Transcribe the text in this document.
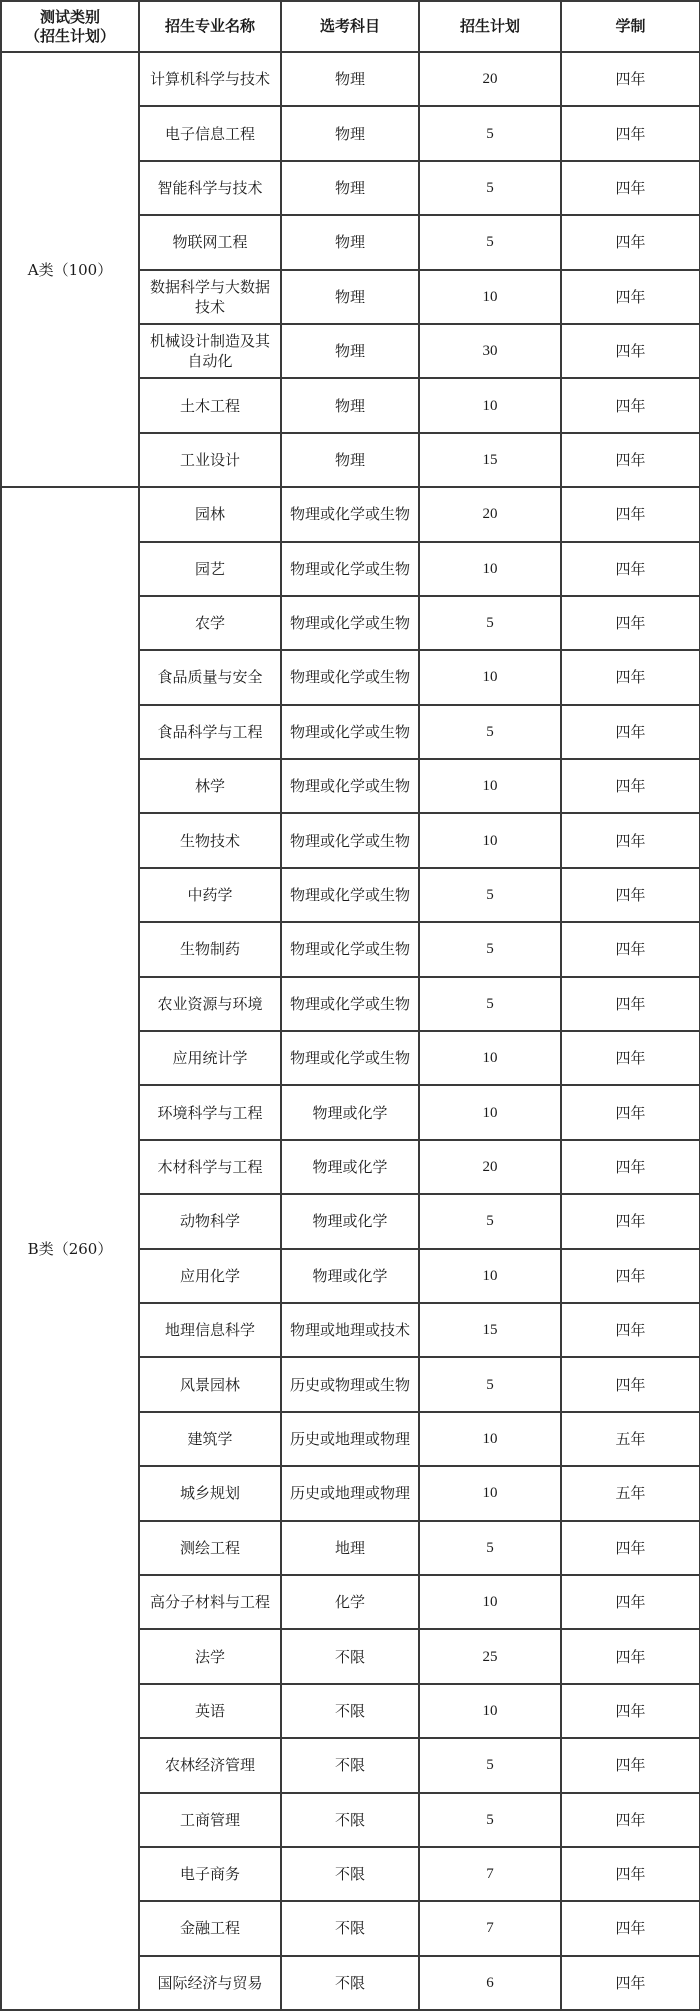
测试类别
（招生计划）	招生专业名称	选考科目	招生计划	学制
A类（100）	计算机科学与技术	物理	20	四年
	电子信息工程	物理	5	四年
	智能科学与技术	物理	5	四年
	物联网工程	物理	5	四年
	数据科学与大数据技术	物理	10	四年
	机械设计制造及其自动化	物理	30	四年
	土木工程	物理	10	四年
	工业设计	物理	15	四年
B类（260）	园林	物理或化学或生物	20	四年
	园艺	物理或化学或生物	10	四年
	农学	物理或化学或生物	5	四年
	食品质量与安全	物理或化学或生物	10	四年
	食品科学与工程	物理或化学或生物	5	四年
	林学	物理或化学或生物	10	四年
	生物技术	物理或化学或生物	10	四年
	中药学	物理或化学或生物	5	四年
	生物制药	物理或化学或生物	5	四年
	农业资源与环境	物理或化学或生物	5	四年
	应用统计学	物理或化学或生物	10	四年
	环境科学与工程	物理或化学	10	四年
	木材科学与工程	物理或化学	20	四年
	动物科学	物理或化学	5	四年
	应用化学	物理或化学	10	四年
	地理信息科学	物理或地理或技术	15	四年
	风景园林	历史或物理或生物	5	四年
	建筑学	历史或地理或物理	10	五年
	城乡规划	历史或地理或物理	10	五年
	测绘工程	地理	5	四年
	高分子材料与工程	化学	10	四年
	法学	不限	25	四年
	英语	不限	10	四年
	农林经济管理	不限	5	四年
	工商管理	不限	5	四年
	电子商务	不限	7	四年
	金融工程	不限	7	四年
	国际经济与贸易	不限	6	四年
